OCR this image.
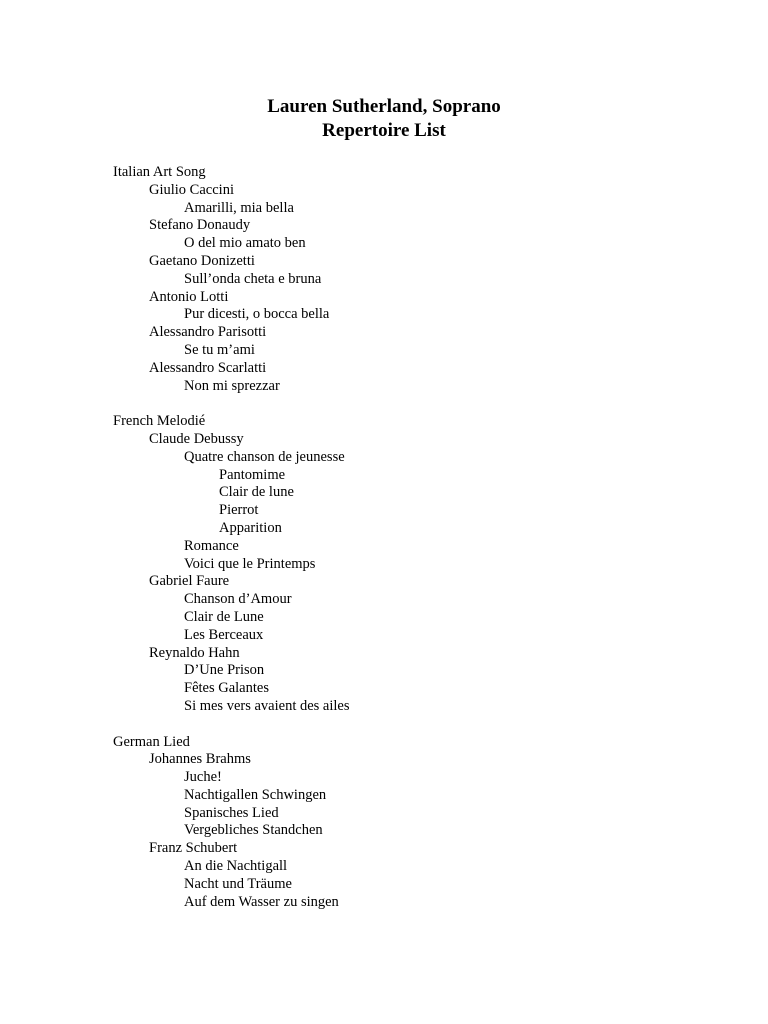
Lauren Sutherland, Soprano
Repertoire List
Italian Art Song
Giulio Caccini
Amarilli, mia bella
Stefano Donaudy
O del mio amato ben
Gaetano Donizetti
Sull’onda cheta e bruna
Antonio Lotti
Pur dicesti, o bocca bella
Alessandro Parisotti
Se tu m’ami
Alessandro Scarlatti
Non mi sprezzar
French Melodié
Claude Debussy
Quatre chanson de jeunesse
Pantomime
Clair de lune
Pierrot
Apparition
Romance
Voici que le Printemps
Gabriel Faure
Chanson d’Amour
Clair de Lune
Les Berceaux
Reynaldo Hahn
D’Une Prison
Fêtes Galantes
Si mes vers avaient des ailes
German Lied
Johannes Brahms
Juche!
Nachtigallen Schwingen
Spanisches Lied
Vergebliches Standchen
Franz Schubert
An die Nachtigall
Nacht und Träume
Auf dem Wasser zu singen
